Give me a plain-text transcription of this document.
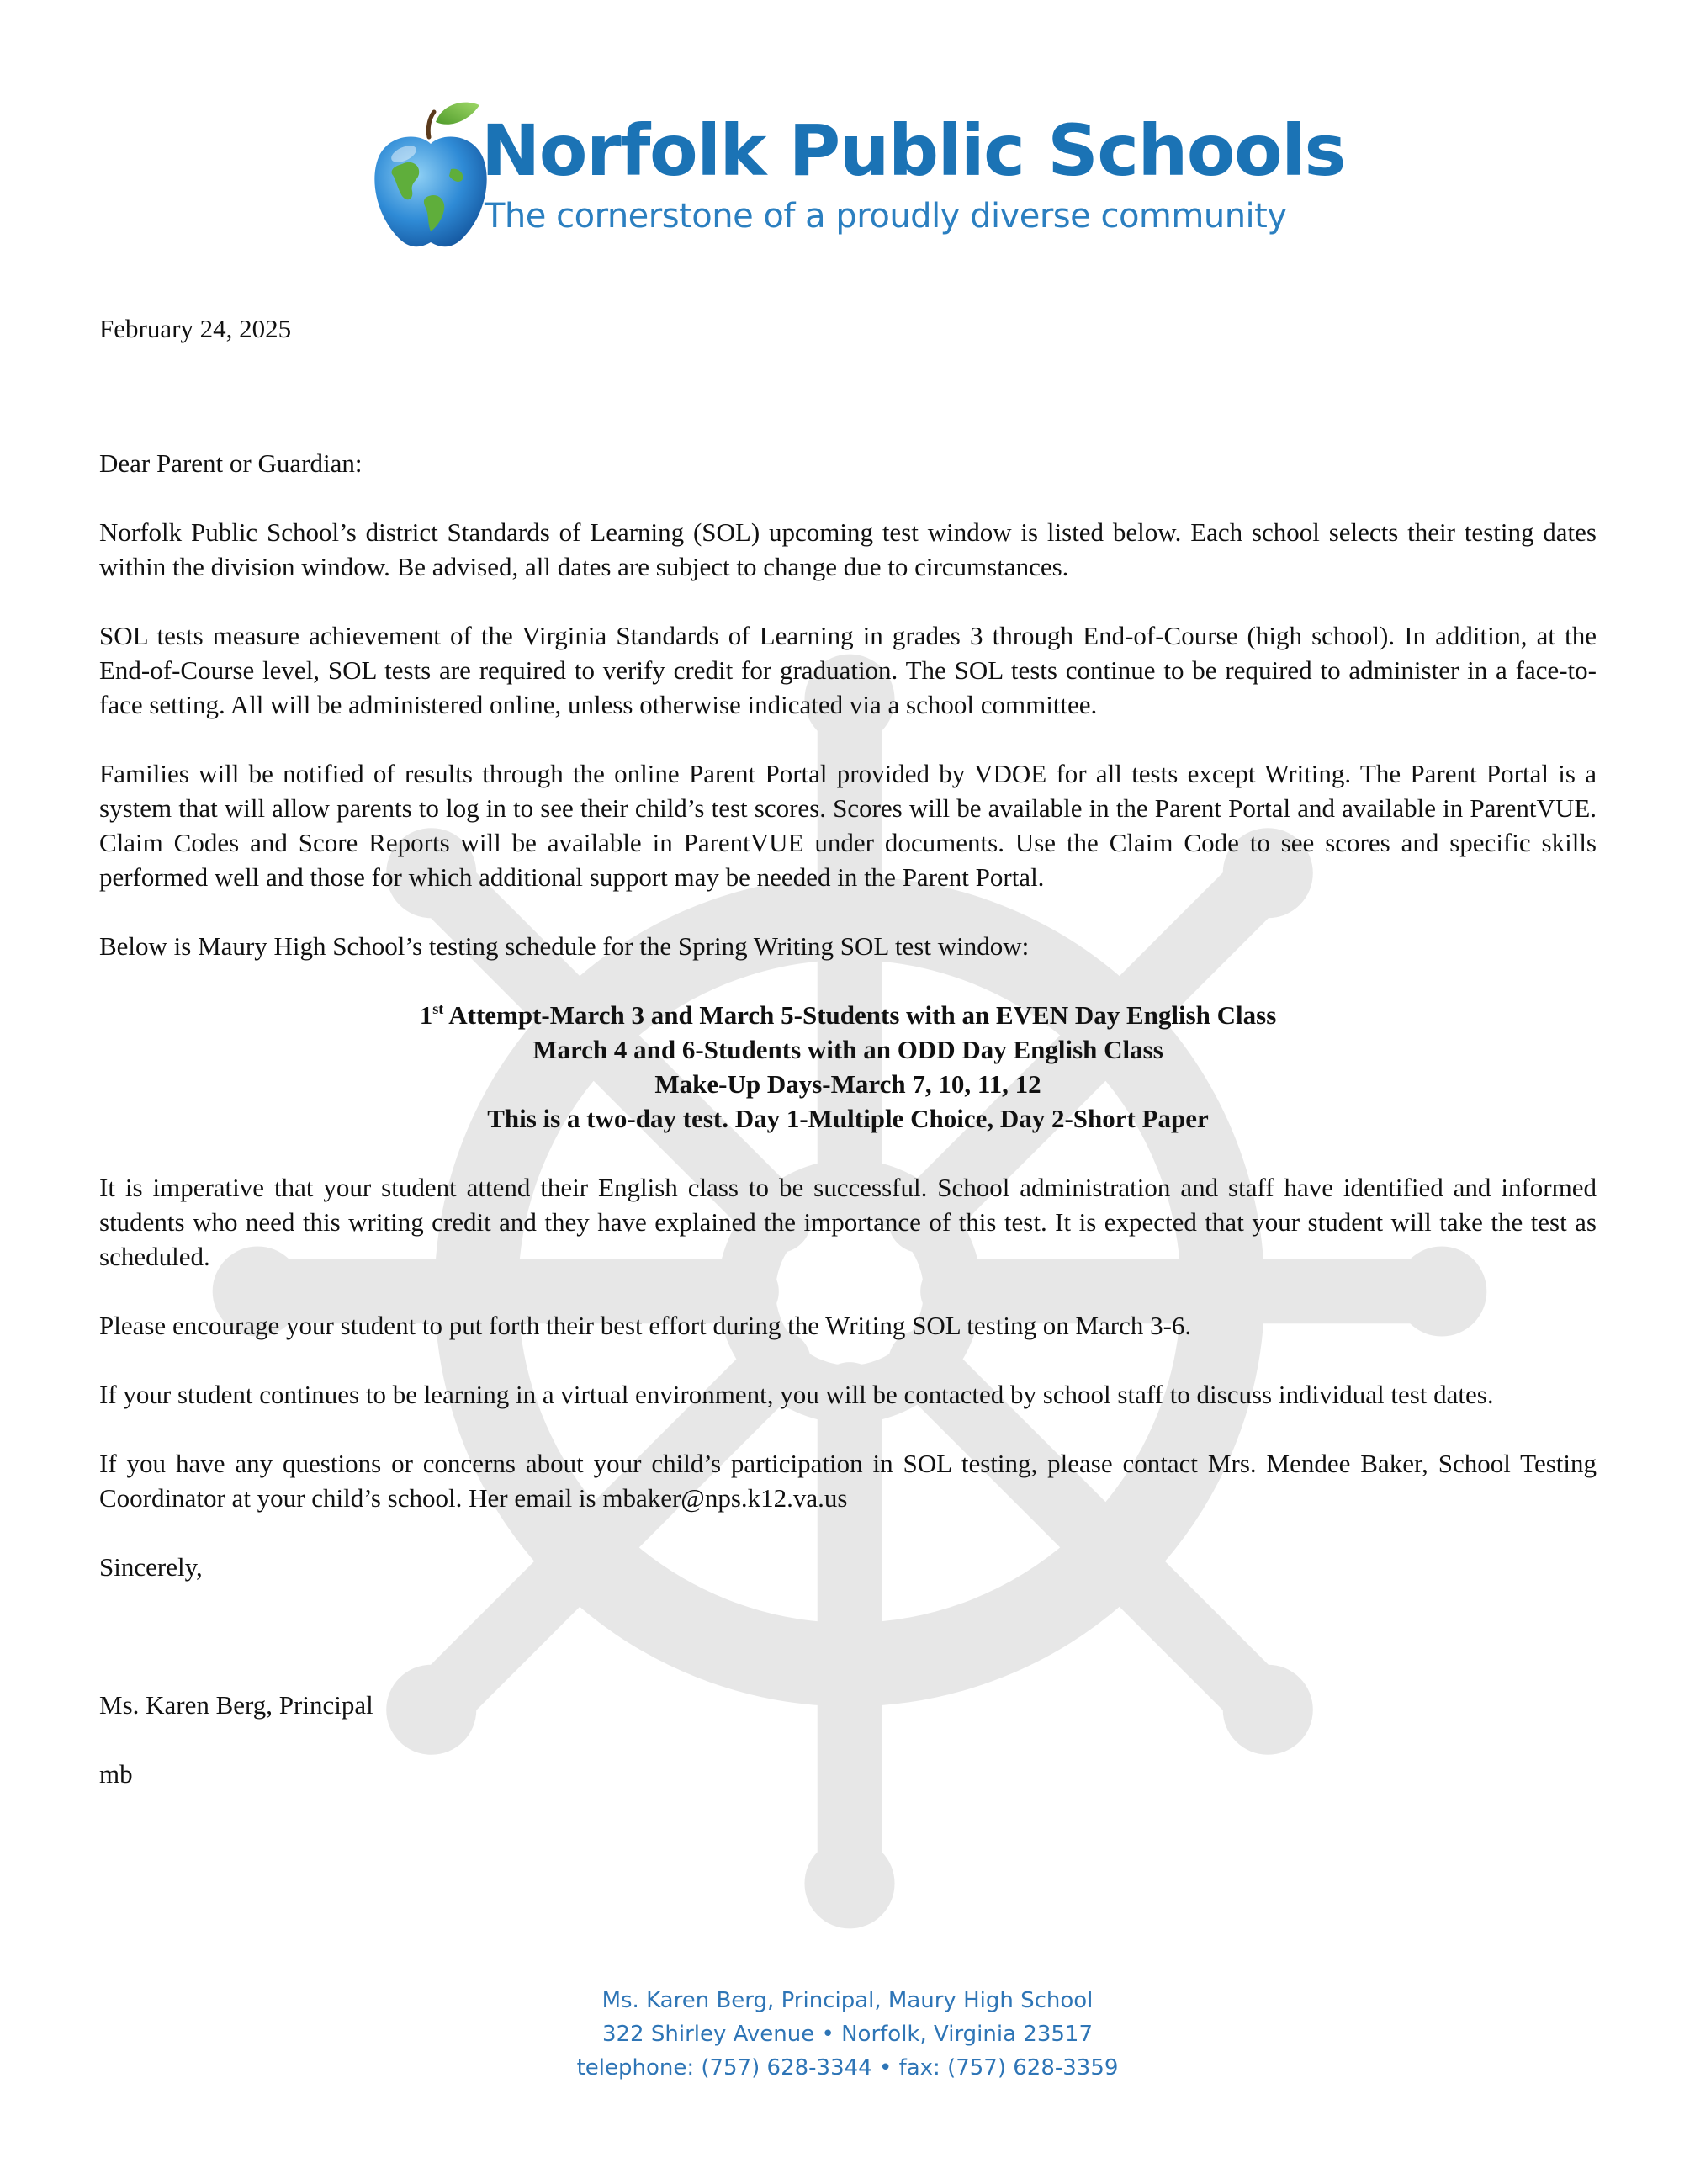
Norfolk Public Schools
The cornerstone of a proudly diverse community

February 24, 2025

Dear Parent or Guardian:

Norfolk Public School’s district Standards of Learning (SOL) upcoming test window is listed below. Each school selects their testing dates within the division window. Be advised, all dates are subject to change due to circumstances.

SOL tests measure achievement of the Virginia Standards of Learning in grades 3 through End-of-Course (high school). In addition, at the End-of-Course level, SOL tests are required to verify credit for graduation. The SOL tests continue to be required to administer in a face-to-face setting. All will be administered online, unless otherwise indicated via a school committee.

Families will be notified of results through the online Parent Portal provided by VDOE for all tests except Writing. The Parent Portal is a system that will allow parents to log in to see their child’s test scores. Scores will be available in the Parent Portal and available in ParentVUE. Claim Codes and Score Reports will be available in ParentVUE under documents. Use the Claim Code to see scores and specific skills performed well and those for which additional support may be needed in the Parent Portal.

Below is Maury High School’s testing schedule for the Spring Writing SOL test window:

1st Attempt-March 3 and March 5-Students with an EVEN Day English Class
March 4 and 6-Students with an ODD Day English Class
Make-Up Days-March 7, 10, 11, 12
This is a two-day test. Day 1-Multiple Choice, Day 2-Short Paper

It is imperative that your student attend their English class to be successful. School administration and staff have identified and informed students who need this writing credit and they have explained the importance of this test. It is expected that your student will take the test as scheduled.

Please encourage your student to put forth their best effort during the Writing SOL testing on March 3-6.

If your student continues to be learning in a virtual environment, you will be contacted by school staff to discuss individual test dates.

If you have any questions or concerns about your child’s participation in SOL testing, please contact Mrs. Mendee Baker, School Testing Coordinator at your child’s school. Her email is mbaker@nps.k12.va.us

Sincerely,

Ms. Karen Berg, Principal

mb

Ms. Karen Berg, Principal, Maury High School
322 Shirley Avenue • Norfolk, Virginia 23517
telephone: (757) 628-3344 • fax: (757) 628-3359
